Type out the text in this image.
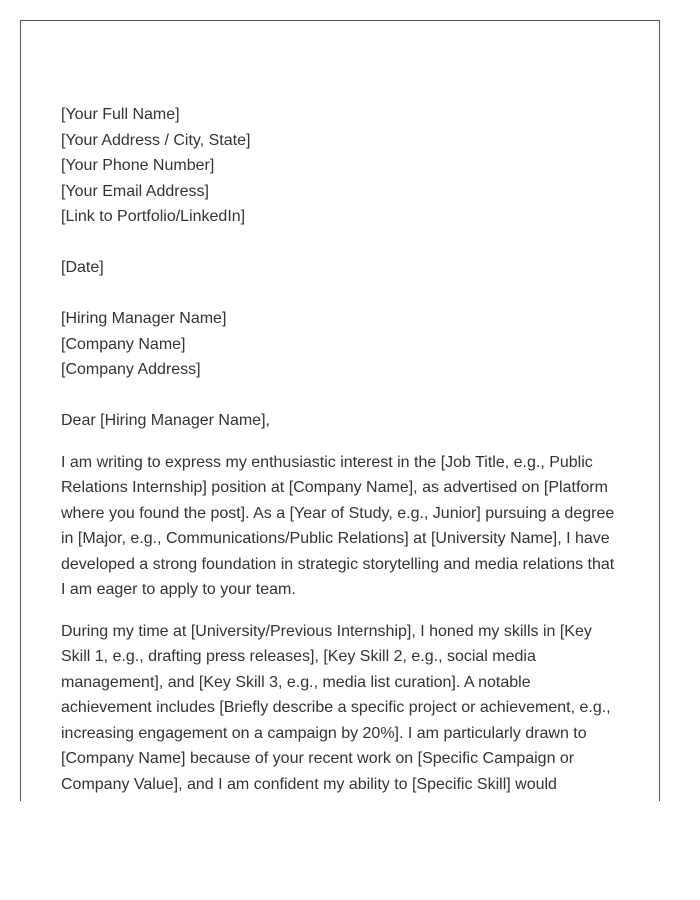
[Your Full Name]
[Your Address / City, State]
[Your Phone Number]
[Your Email Address]
[Link to Portfolio/LinkedIn]
[Date]
[Hiring Manager Name]
[Company Name]
[Company Address]
Dear [Hiring Manager Name],

I am writing to express my enthusiastic interest in the [Job Title, e.g., Public Relations Internship] position at [Company Name], as advertised on [Platform where you found the post]. As a [Year of Study, e.g., Junior] pursuing a degree in [Major, e.g., Communications/Public Relations] at [University Name], I have developed a strong foundation in strategic storytelling and media relations that I am eager to apply to your team.

During my time at [University/Previous Internship], I honed my skills in [Key Skill 1, e.g., drafting press releases], [Key Skill 2, e.g., social media management], and [Key Skill 3, e.g., media list curation]. A notable achievement includes [Briefly describe a specific project or achievement, e.g., increasing engagement on a campaign by 20%]. I am particularly drawn to [Company Name] because of your recent work on [Specific Campaign or Company Value], and I am confident my ability to [Specific Skill] would
